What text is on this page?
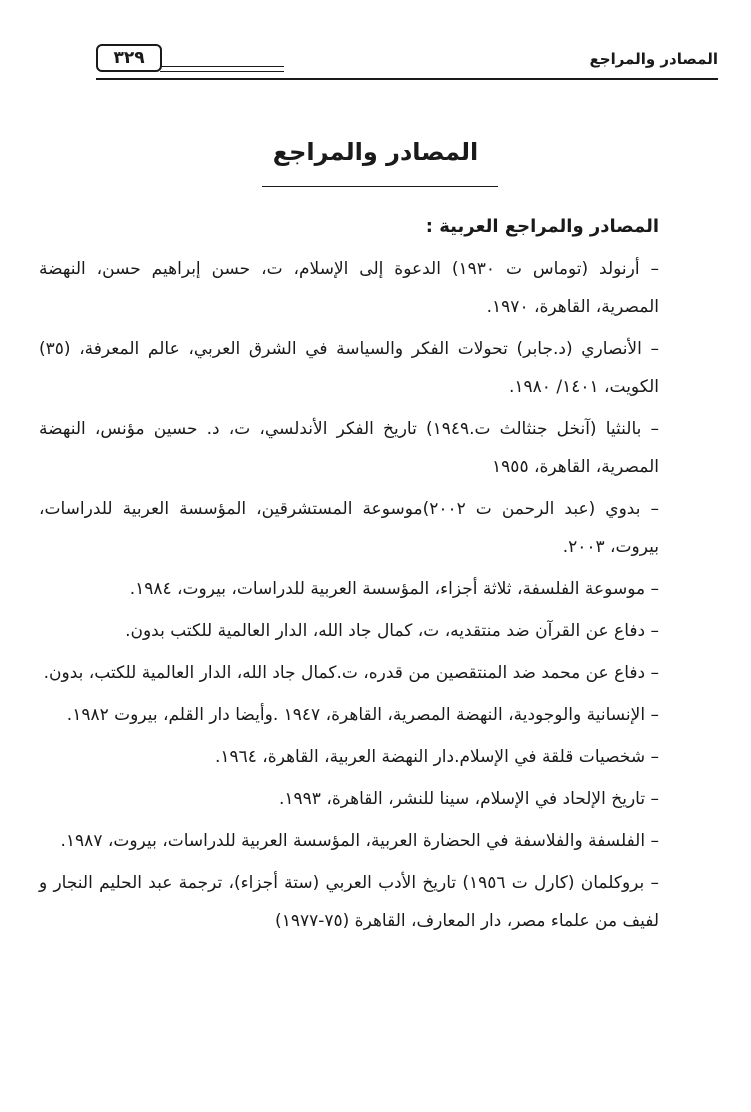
٣٢٩	المصادر والمراجع
المصادر والمراجع
المصادر والمراجع العربية :

– أرنولد (توماس ت ١٩٣٠) الدعوة إلى الإسلام، ت، حسن إبراهيم حسن، النهضة المصرية، القاهرة، ١٩٧٠.

– الأنصاري (د.جابر) تحولات الفكر والسياسة في الشرق العربي، عالم المعرفة، (٣٥) الكويت، ١٤٠١/ ١٩٨٠.

– بالنثيا (آنخل جنثالث ت.١٩٤٩) تاريخ الفكر الأندلسي، ت، د. حسين مؤنس، النهضة المصرية، القاهرة، ١٩٥٥

– بدوي (عبد الرحمن ت ٢٠٠٢)موسوعة المستشرقين، المؤسسة العربية للدراسات، بيروت، ٢٠٠٣.

– موسوعة الفلسفة، ثلاثة أجزاء، المؤسسة العربية للدراسات، بيروت، ١٩٨٤.

– دفاع عن القرآن ضد منتقديه، ت، كمال جاد الله، الدار العالمية للكتب بدون.

– دفاع عن محمد ضد المنتقصين من قدره، ت.كمال جاد الله، الدار العالمية للكتب، بدون.

– الإنسانية والوجودية، النهضة المصرية، القاهرة، ١٩٤٧ .وأيضا دار القلم، بيروت ١٩٨٢.

– شخصيات قلقة في الإسلام.دار النهضة العربية، القاهرة، ١٩٦٤.

– تاريخ الإلحاد في الإسلام، سينا للنشر، القاهرة، ١٩٩٣.

– الفلسفة والفلاسفة في الحضارة العربية، المؤسسة العربية للدراسات، بيروت، ١٩٨٧.

– بروكلمان (كارل ت ١٩٥٦) تاريخ الأدب العربي (ستة أجزاء)، ترجمة عبد الحليم النجار و لفيف من علماء مصر، دار المعارف، القاهرة (٧٥-١٩٧٧)
